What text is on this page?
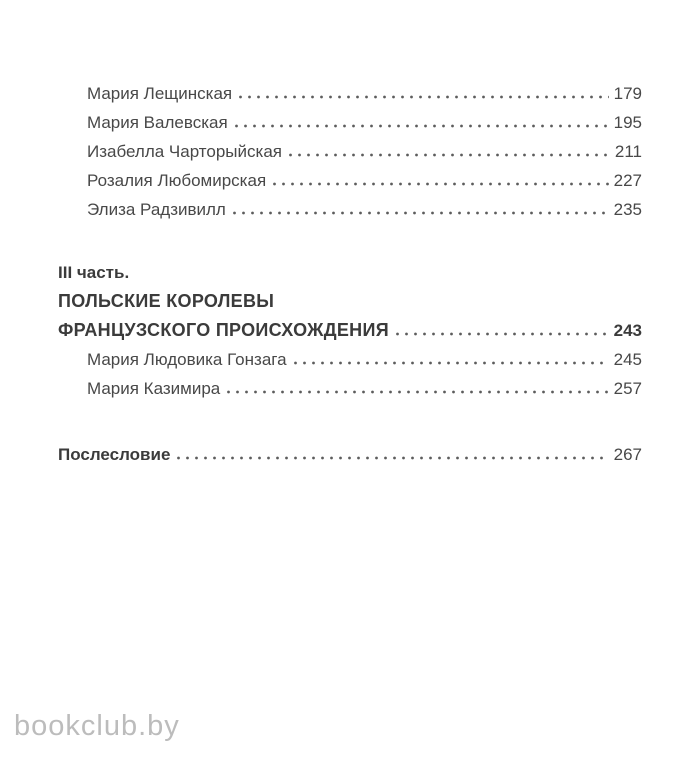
Мария Лещинская	179
Мария Валевская	195
Изабелла Чарторыйская	211
Розалия Любомирская	227
Элиза Радзивилл	235
III часть.
ПОЛЬСКИЕ КОРОЛЕВЫ
ФРАНЦУЗСКОГО ПРОИСХОЖДЕНИЯ	243
Мария Людовика Гонзага	245
Мария Казимира	257
Послесловие	267
bookclub.by
